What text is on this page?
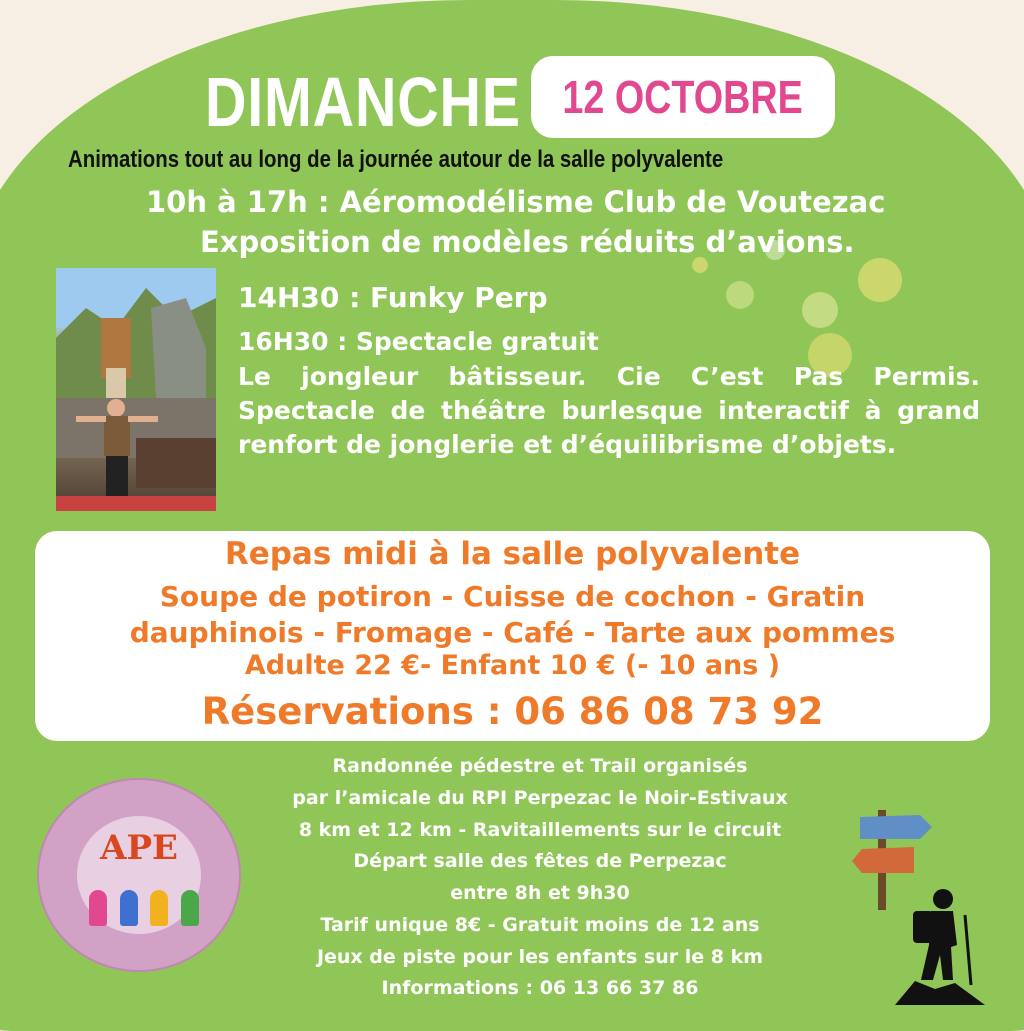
DIMANCHE 12 OCTOBRE
Animations tout au long de la journée autour de la salle polyvalente
10h à 17h : Aéromodélisme Club de Voutezac
Exposition de modèles réduits d’avions.
14H30 : Funky Perp
16H30 : Spectacle gratuit
Le jongleur bâtisseur. Cie C’est Pas Permis. Spectacle de théâtre burlesque interactif à grand renfort de jonglerie et d’équilibrisme d’objets.
Repas midi à la salle polyvalente
Soupe de potiron - Cuisse de cochon - Gratin
dauphinois - Fromage - Café - Tarte aux pommes
Adulte 22 €- Enfant 10 € (- 10 ans )
Réservations : 06 86 08 73 92
Randonnée pédestre et Trail organisés
par l’amicale du RPI Perpezac le Noir-Estivaux
8 km et 12 km - Ravitaillements sur le circuit
Départ salle des fêtes de Perpezac
entre 8h et 9h30
Tarif unique 8€ - Gratuit moins de 12 ans
Jeux de piste pour les enfants sur le 8 km
Informations : 06 13 66 37 86
APE
